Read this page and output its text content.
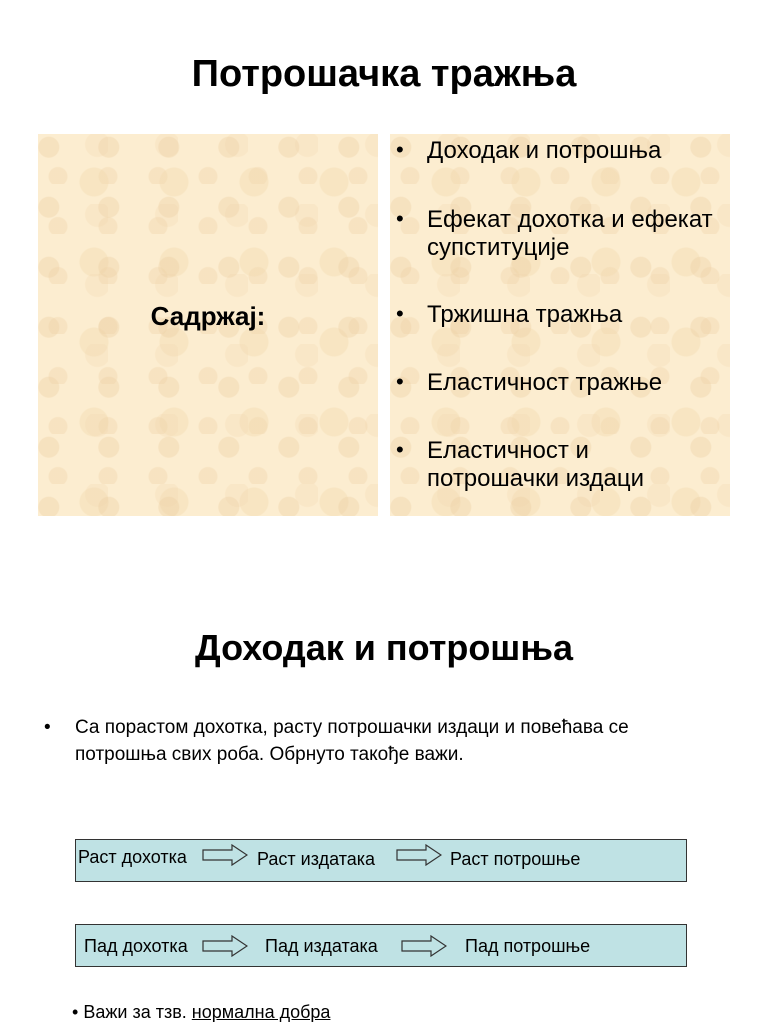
Потрошачка тражња
Садржај:
• Доходак и потрошња
• Ефекат дохотка и ефекат супституције
• Тржишна тражња
• Еластичност тражње
• Еластичност и потрошачки издаци
Доходак и потрошња
• Са порастом дохотка, расту потрошачки издаци и повећава се потрошња свих роба. Обрнуто такође важи.
Раст дохотка	Раст издатака	Раст потрошње
Пад дохотка	Пад издатака	Пад потрошње
• Важи за тзв. нормална добра
